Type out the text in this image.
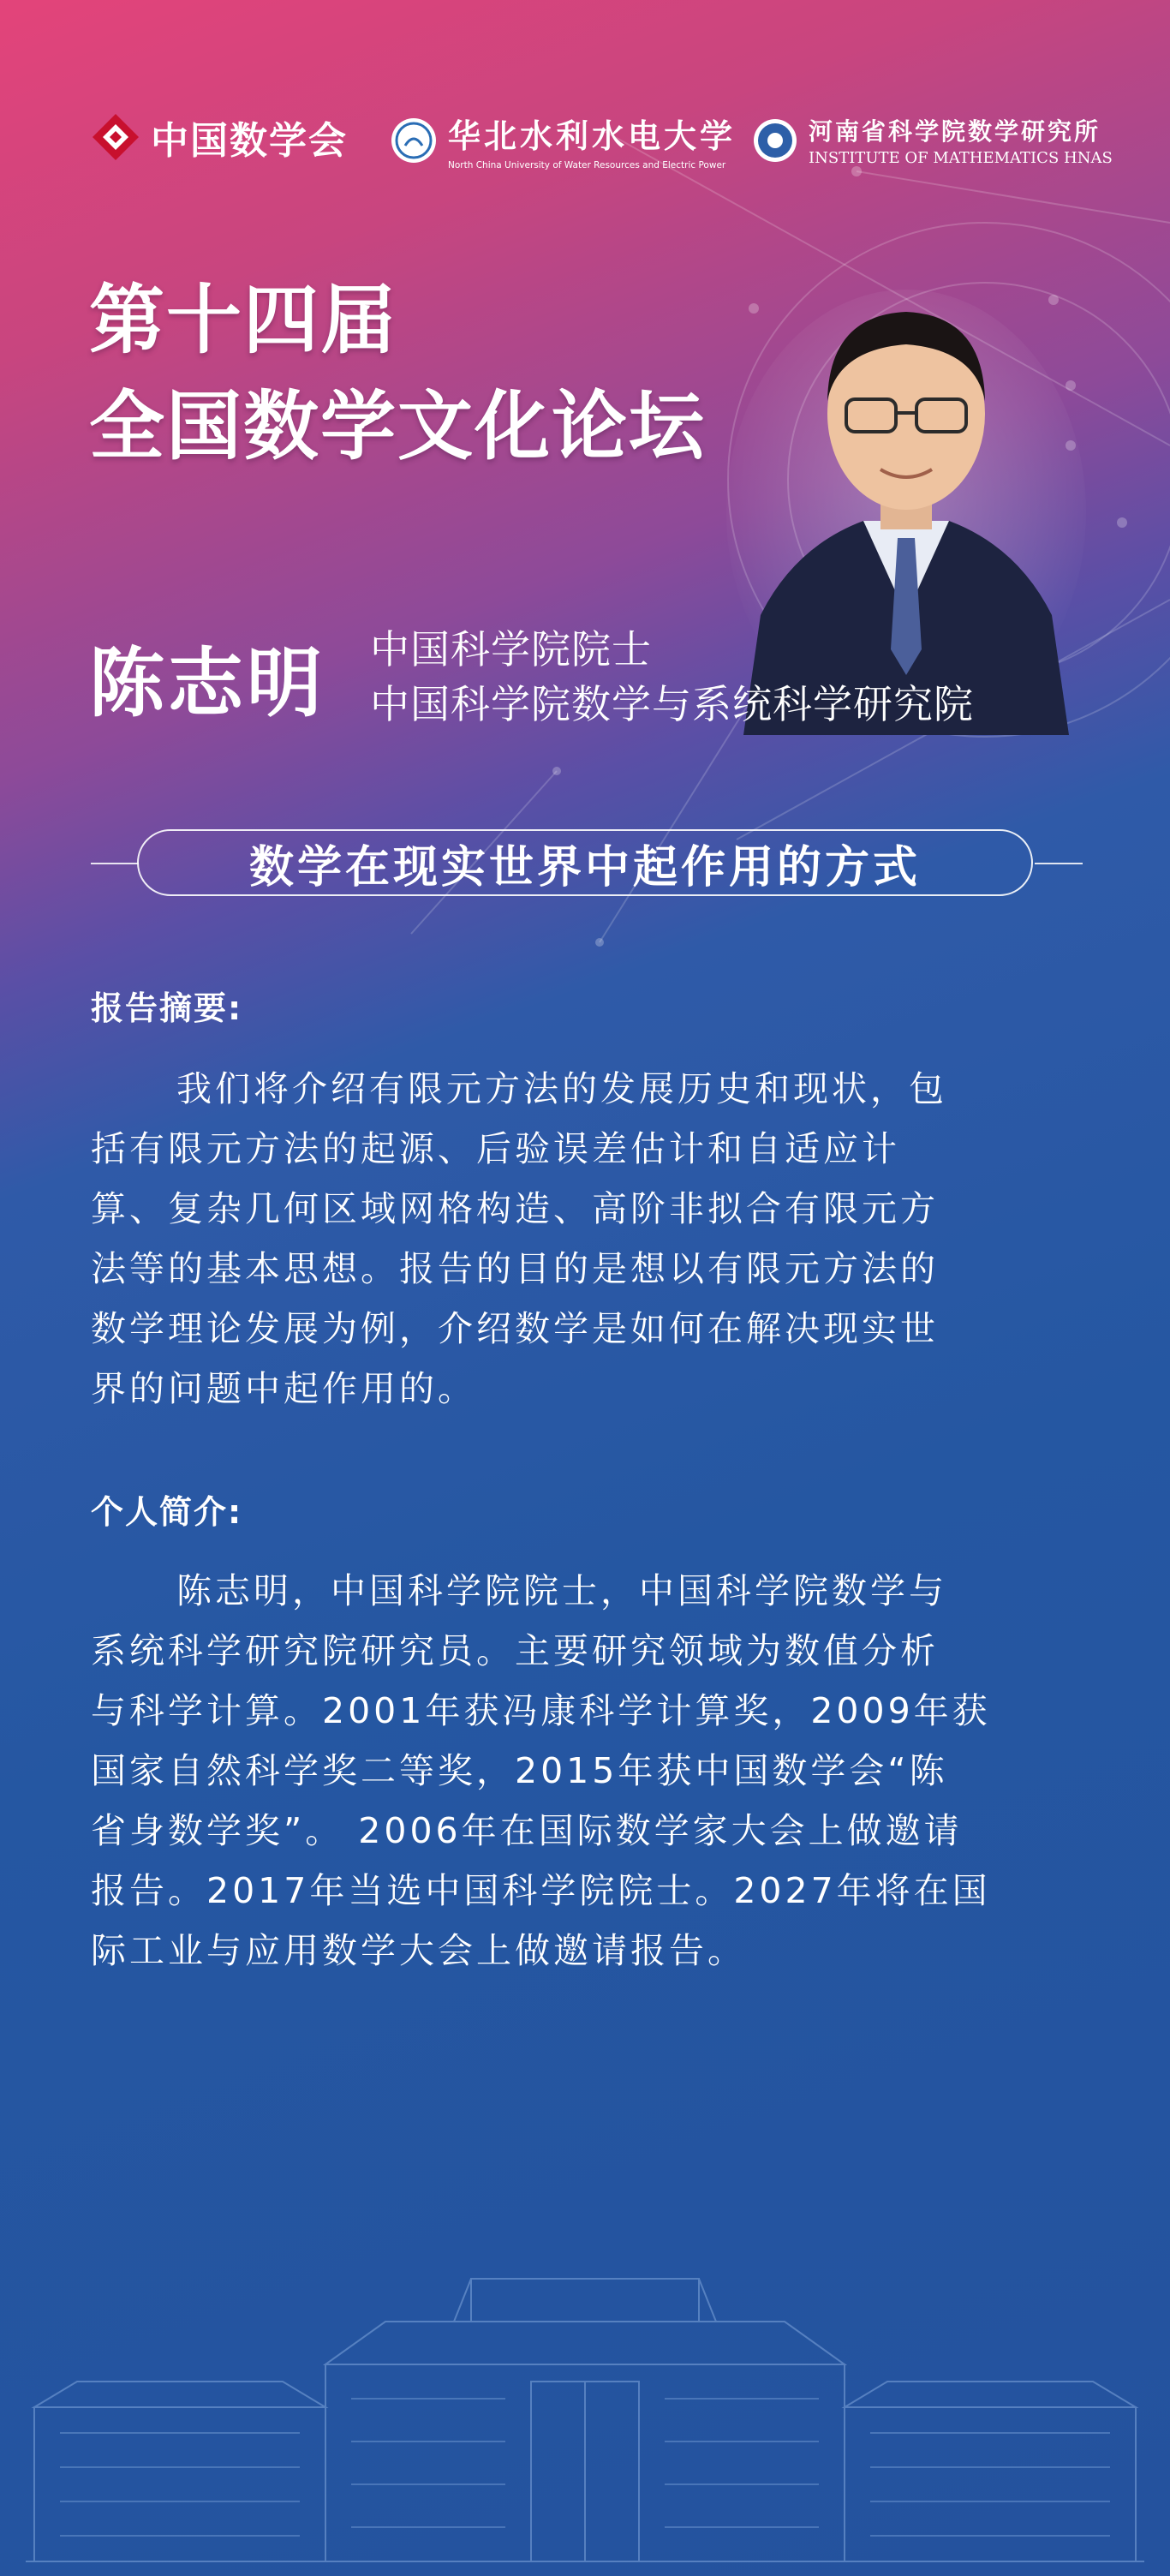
中国数学会	华北水利水电大学
North China University of Water Resources and Electric Power
河南省科学院数学研究所
INSTITUTE OF MATHEMATICS HNAS
第十四届
全国数学文化论坛
陈志明 中国科学院院士
中国科学院数学与系统科学研究院
数学在现实世界中起作用的方式
报告摘要:
我们将介绍有限元方法的发展历史和现状，包
括有限元方法的起源、后验误差估计和自适应计
算、复杂几何区域网格构造、高阶非拟合有限元方
法等的基本思想。报告的目的是想以有限元方法的
数学理论发展为例，介绍数学是如何在解决现实世
界的问题中起作用的。
个人简介:
陈志明，中国科学院院士，中国科学院数学与
系统科学研究院研究员。主要研究领域为数值分析
与科学计算。2001年获冯康科学计算奖，2009年获
国家自然科学奖二等奖，2015年获中国数学会“陈
省身数学奖”。 2006年在国际数学家大会上做邀请
报告。2017年当选中国科学院院士。2027年将在国
际工业与应用数学大会上做邀请报告。
